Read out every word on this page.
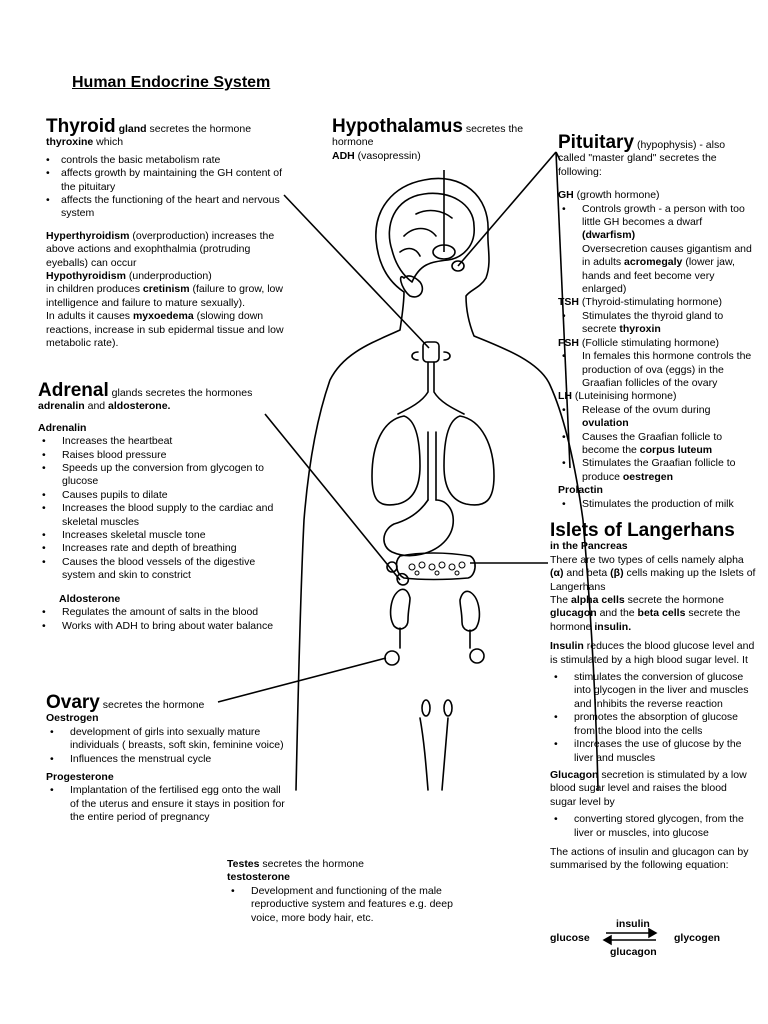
Human Endocrine System

Thyroid gland secretes the hormone

thyroxine which

• controls the basic metabolism rate
• affects growth by maintaining the GH content of the pituitary
• affects the functioning of the heart and nervous system

Hyperthyroidism (overproduction) increases the above actions and exophthalmia (protruding eyeballs) can occur

Hypothyroidism (underproduction)

in children produces cretinism (failure to grow, low intelligence and failure to mature sexually).

In adults it causes myxoedema (slowing down reactions, increase in sub epidermal tissue and low metabolic rate).

Hypothalamus secretes the hormone

ADH (vasopressin)

Pituitary (hypophysis) - also called "master gland" secretes the following:

GH (growth hormone)

• Controls growth - a person with too little GH becomes a dwarf (dwarfism)

Oversecretion causes gigantism and in adults acromegaly (lower jaw, hands and feet become very enlarged)

TSH (Thyroid-stimulating hormone)

• Stimulates the thyroid gland to secrete thyroxin

FSH (Follicle stimulating hormone)

• In females this hormone controls the production of ova (eggs) in the Graafian follicles of the ovary

LH (Luteinising hormone)

• Release of the ovum during ovulation
• Causes the Graafian follicle to become the corpus luteum
• Stimulates the Graafian follicle to produce oestregen

Prolactin

• Stimulates the production of milk

Adrenal glands secretes the hormones

adrenalin and aldosterone.

Adrenalin

• Increases the heartbeat
• Raises blood pressure
• Speeds up the conversion from glycogen to glucose
• Causes pupils to dilate
• Increases the blood supply to the cardiac and skeletal muscles
• Increases skeletal muscle tone
• Increases rate and depth of breathing
• Causes the blood vessels of the digestive system and skin to constrict

Aldosterone

• Regulates the amount of salts in the blood
• Works with ADH to bring about water balance

Islets of Langerhans

in the Pancreas

There are two types of cells namely alpha (α) and beta (β) cells making up the Islets of Langerhans

The alpha cells secrete the hormone glucagon and the beta cells secrete the hormone insulin.

Insulin reduces the blood glucose level and is stimulated by a high blood sugar level. It

• stimulates the conversion of glucose into glycogen in the liver and muscles and inhibits the reverse reaction
• promotes the absorption of glucose from the blood into the cells
• iIncreases the use of glucose by the liver and muscles

Glucagon secretion is stimulated by a low blood sugar level and raises the blood sugar level by

• converting stored glycogen, from the liver or muscles, into glucose

The actions of insulin and glucagon can by summarised by the following equation:

insulin
glucose	glycogen
glucagon

Ovary secretes the hormone

Oestrogen

• development of girls into sexually mature individuals ( breasts, soft skin, feminine voice)
• Influences the menstrual cycle

Progesterone

• Implantation of the fertilised egg onto the wall of the uterus and ensure it stays in position for the entire period of pregnancy

Testes secretes the hormone

testosterone

• Development and functioning of the male reproductive system and features e.g. deep voice, more body hair, etc.
